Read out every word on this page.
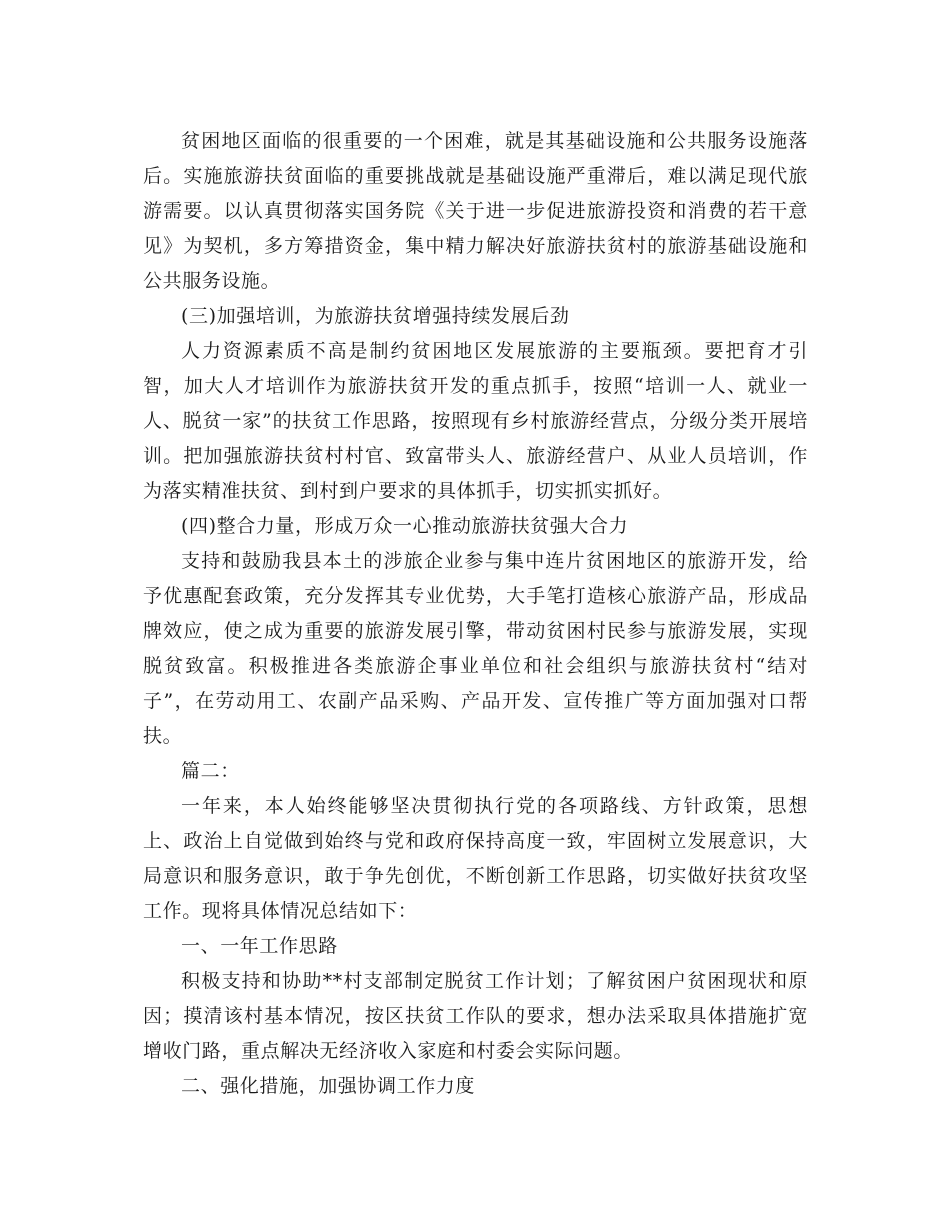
贫困地区面临的很重要的一个困难，就是其基础设施和公共服务设施落后。实施旅游扶贫面临的重要挑战就是基础设施严重滞后，难以满足现代旅游需要。以认真贯彻落实国务院《关于进一步促进旅游投资和消费的若干意见》为契机，多方筹措资金，集中精力解决好旅游扶贫村的旅游基础设施和公共服务设施。

(三)加强培训，为旅游扶贫增强持续发展后劲

人力资源素质不高是制约贫困地区发展旅游的主要瓶颈。要把育才引智，加大人才培训作为旅游扶贫开发的重点抓手，按照“培训一人、就业一人、脱贫一家”的扶贫工作思路，按照现有乡村旅游经营点，分级分类开展培训。把加强旅游扶贫村村官、致富带头人、旅游经营户、从业人员培训，作为落实精准扶贫、到村到户要求的具体抓手，切实抓实抓好。

(四)整合力量，形成万众一心推动旅游扶贫强大合力

支持和鼓励我县本土的涉旅企业参与集中连片贫困地区的旅游开发，给予优惠配套政策，充分发挥其专业优势，大手笔打造核心旅游产品，形成品牌效应，使之成为重要的旅游发展引擎，带动贫困村民参与旅游发展，实现脱贫致富。积极推进各类旅游企事业单位和社会组织与旅游扶贫村“结对子”，在劳动用工、农副产品采购、产品开发、宣传推广等方面加强对口帮扶。

篇二：

一年来，本人始终能够坚决贯彻执行党的各项路线、方针政策，思想上、政治上自觉做到始终与党和政府保持高度一致，牢固树立发展意识，大局意识和服务意识，敢于争先创优，不断创新工作思路，切实做好扶贫攻坚工作。现将具体情况总结如下：

一、一年工作思路

积极支持和协助**村支部制定脱贫工作计划；了解贫困户贫困现状和原因；摸清该村基本情况，按区扶贫工作队的要求，想办法采取具体措施扩宽增收门路，重点解决无经济收入家庭和村委会实际问题。

二、强化措施，加强协调工作力度
